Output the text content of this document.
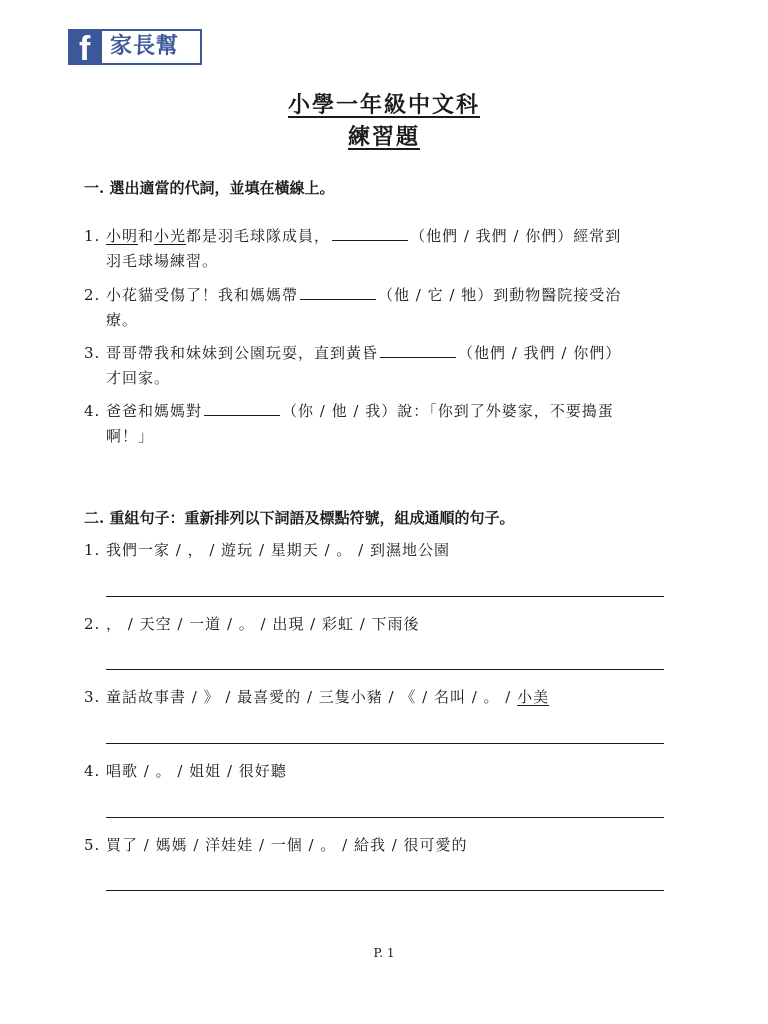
f 家長幫
小學一年級中文科
練習題
一. 選出適當的代詞，並填在橫線上。
1. 小明和小光都是羽毛球隊成員，	（他們 / 我們 / 你們）經常到
羽毛球場練習。
2. 小花貓受傷了！我和媽媽帶	（他 / 它 / 牠）到動物醫院接受治
療。
3. 哥哥帶我和妹妹到公園玩耍，直到黃昏	（他們 / 我們 / 你們）
才回家。
4. 爸爸和媽媽對	（你 / 他 / 我）說：「你到了外婆家，不要搗蛋
啊！」
二. 重組句子：重新排列以下詞語及標點符號，組成通順的句子。
1. 我們一家 / ， / 遊玩 / 星期天 / 。 / 到濕地公園
2. ， / 天空 / 一道 / 。 / 出現 / 彩虹 / 下雨後
3. 童話故事書 / 》 / 最喜愛的 / 三隻小豬 / 《 / 名叫 / 。 / 小美
4. 唱歌 / 。 / 姐姐 / 很好聽
5. 買了 / 媽媽 / 洋娃娃 / 一個 / 。 / 給我 / 很可愛的
P. 1
